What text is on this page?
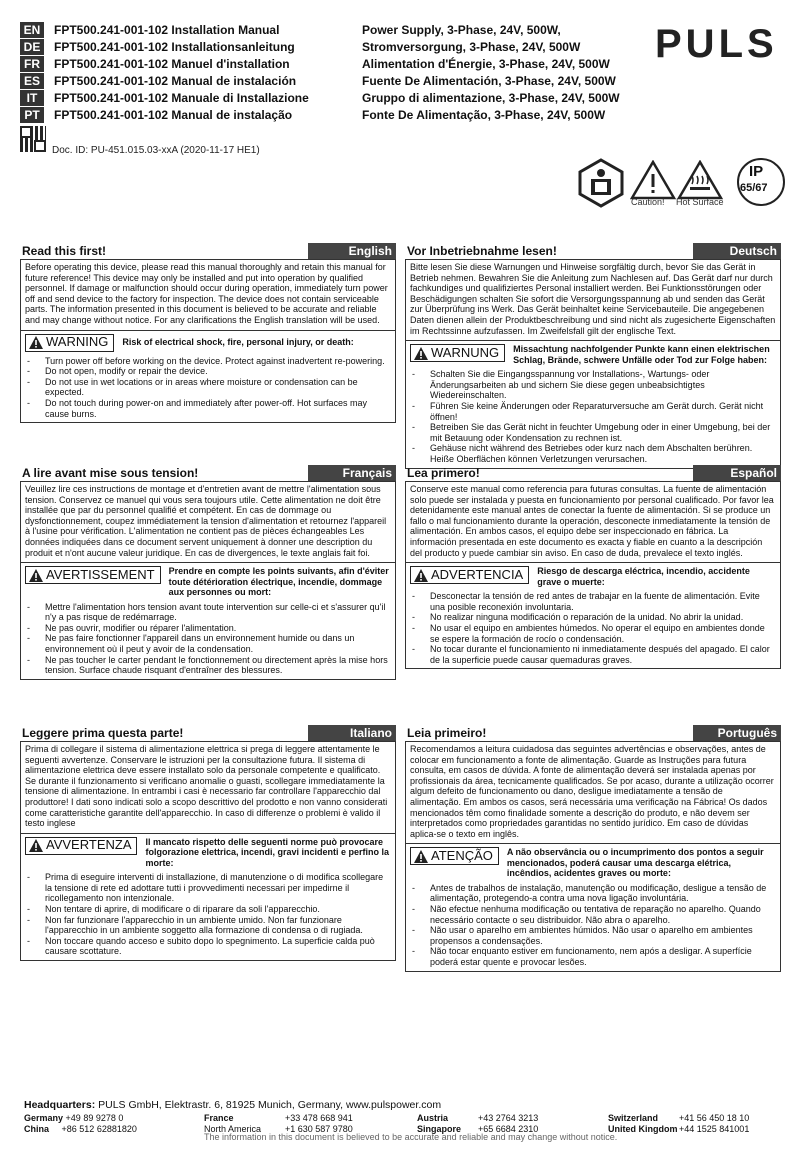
EN	FPT500.241-001-102 Installation Manual	Power Supply, 3-Phase, 24V, 500W,
DE	FPT500.241-001-102 Installationsanleitung	Stromversorgung, 3-Phase, 24V, 500W
FR	FPT500.241-001-102 Manuel d'installation	Alimentation d'Énergie, 3-Phase, 24V, 500W
ES	FPT500.241-001-102 Manual de instalación	Fuente De Alimentación, 3-Phase, 24V, 500W
IT	FPT500.241-001-102 Manuale di Installazione	Gruppo di alimentazione, 3-Phase, 24V, 500W
PT	FPT500.241-001-102 Manual de instalação	Fonte De Alimentação, 3-Phase, 24V, 500W
PULS
Doc. ID: PU-451.015.03-xxA (2020-11-17 HE1)
Caution! Hot Surface
IP
65/67
Read this first!	English
Before operating this device, please read this manual thoroughly and retain this manual for future reference! This device may only be installed and put into operation by qualified personnel. If damage or malfunction should occur during operation, immediately turn power off and send device to the factory for inspection. The device does not contain serviceable parts. The information presented in this document is believed to be accurate and reliable and may change without notice. For any clarifications the English translation will be used.
WARNING	Risk of electrical shock, fire, personal injury, or death:
- Turn power off before working on the device. Protect against inadvertent re-powering.
- Do not open, modify or repair the device.
- Do not use in wet locations or in areas where moisture or condensation can be expected.
- Do not touch during power-on and immediately after power-off. Hot surfaces may cause burns.
Vor Inbetriebnahme lesen!	Deutsch
Bitte lesen Sie diese Warnungen und Hinweise sorgfältig durch, bevor Sie das Gerät in Betrieb nehmen. Bewahren Sie die Anleitung zum Nachlesen auf. Das Gerät darf nur durch fachkundiges und qualifiziertes Personal installiert werden. Bei Funktionsstörungen oder Beschädigungen schalten Sie sofort die Versorgungsspannung ab und senden das Gerät zur Überprüfung ins Werk. Das Gerät beinhaltet keine Servicebauteile. Die angegebenen Daten dienen allein der Produktbeschreibung und sind nicht als zugesicherte Eigenschaften im Rechtssinne aufzufassen. Im Zweifelsfall gilt der englische Text.
WARNUNG	Missachtung nachfolgender Punkte kann einen elektrischen Schlag, Brände, schwere Unfälle oder Tod zur Folge haben:
- Schalten Sie die Eingangsspannung vor Installations-, Wartungs- oder Änderungsarbeiten ab und sichern Sie diese gegen unbeabsichtigtes Wiedereinschalten.
- Führen Sie keine Änderungen oder Reparaturversuche am Gerät durch. Gerät nicht öffnen!
- Betreiben Sie das Gerät nicht in feuchter Umgebung oder in einer Umgebung, bei der mit Betauung oder Kondensation zu rechnen ist.
- Gehäuse nicht während des Betriebes oder kurz nach dem Abschalten berühren. Heiße Oberflächen können Verletzungen verursachen.
A lire avant mise sous tension!	Français
Veuillez lire ces instructions de montage et d'entretien avant de mettre l'alimentation sous tension. Conservez ce manuel qui vous sera toujours utile. Cette alimentation ne doit être installée que par du personnel qualifié et compétent. En cas de dommage ou dysfonctionnement, coupez immédiatement la tension d'alimentation et retournez l'appareil à l'usine pour vérification. L'alimentation ne contient pas de pièces échangeables Les données indiquées dans ce document servent uniquement à donner une description du produit et n'ont aucune valeur juridique. En cas de divergences, le texte anglais fait foi.
AVERTISSEMENT	Prendre en compte les points suivants, afin d'éviter toute détérioration électrique, incendie, dommage aux personnes ou mort:
- Mettre l'alimentation hors tension avant toute intervention sur celle-ci et s'assurer qu'il n'y a pas risque de redémarrage.
- Ne pas ouvrir, modifier ou réparer l'alimentation.
- Ne pas faire fonctionner l'appareil dans un environnement humide ou dans un environnement où il peut y avoir de la condensation.
- Ne pas toucher le carter pendant le fonctionnement ou directement après la mise hors tension. Surface chaude risquant d'entraîner des blessures.
Lea primero!	Español
Conserve este manual como referencia para futuras consultas. La fuente de alimentación solo puede ser instalada y puesta en funcionamiento por personal cualificado. Por favor lea detenidamente este manual antes de conectar la fuente de alimentación. Si se produce un fallo o mal funcionamiento durante la operación, desconecte inmediatamente la tensión de alimentación. En ambos casos, el equipo debe ser inspeccionado en fábrica. La información presentada en este documento es exacta y fiable en cuanto a la descripción del producto y puede cambiar sin aviso. En caso de duda, prevalece el texto inglés.
ADVERTENCIA	Riesgo de descarga eléctrica, incendio, accidente grave o muerte:
- Desconectar la tensión de red antes de trabajar en la fuente de alimentación. Evite una posible reconexión involuntaria.
- No realizar ninguna modificación o reparación de la unidad. No abrir la unidad.
- No usar el equipo en ambientes húmedos. No operar el equipo en ambientes donde se espere la formación de rocío o condensación.
- No tocar durante el funcionamiento ni inmediatamente después del apagado. El calor de la superficie puede causar quemaduras graves.
Leggere prima questa parte!	Italiano
Prima di collegare il sistema di alimentazione elettrica si prega di leggere attentamente le seguenti avvertenze. Conservare le istruzioni per la consultazione futura. Il sistema di alimentazione elettrica deve essere installato solo da personale competente e qualificato. Se durante il funzionamento si verificano anomalie o guasti, scollegare immediatamente la tensione di alimentazione. In entrambi i casi è necessario far controllare l'apparecchio dal produttore! I dati sono indicati solo a scopo descrittivo del prodotto e non vanno considerati come caratteristiche garantite dell'apparecchio. In caso di differenze o problemi è valido il testo inglese
AVVERTENZA	Il mancato rispetto delle seguenti norme può provocare folgorazione elettrica, incendi, gravi incidenti e perfino la morte:
- Prima di eseguire interventi di installazione, di manutenzione o di modifica scollegare la tensione di rete ed adottare tutti i provvedimenti necessari per impedirne il ricollegamento non intenzionale.
- Non tentare di aprire, di modificare o di riparare da soli l'apparecchio.
- Non far funzionare l'apparecchio in un ambiente umido. Non far funzionare l'apparecchio in un ambiente soggetto alla formazione di condensa o di rugiada.
- Non toccare quando acceso e subito dopo lo spegnimento. La superficie calda può causare scottature.
Leia primeiro!	Português
Recomendamos a leitura cuidadosa das seguintes advertências e observações, antes de colocar em funcionamento a fonte de alimentação. Guarde as Instruções para futura consulta, em casos de dúvida. A fonte de alimentação deverá ser instalada apenas por profissionais da área, tecnicamente qualificados. Se por acaso, durante a utilização ocorrer algum defeito de funcionamento ou dano, desligue imediatamente a tensão de alimentação. Em ambos os casos, será necessária uma verificação na Fábrica! Os dados mencionados têm como finalidade somente a descrição do produto, e não devem ser interpretados como propriedades garantidas no sentido jurídico. Em caso de dúvidas aplica-se o texto em inglês.
ATENÇÃO	A não observância ou o incumprimento dos pontos a seguir mencionados, poderá causar uma descarga elétrica, incêndios, acidentes graves ou morte:
- Antes de trabalhos de instalação, manutenção ou modificação, desligue a tensão de alimentação, protegendo-a contra uma nova ligação involuntária.
- Não efectue nenhuma modificação ou tentativa de reparação no aparelho. Quando necessário contacte o seu distribuidor. Não abra o aparelho.
- Não usar o aparelho em ambientes húmidos. Não usar o aparelho em ambientes propensos a condensações.
- Não tocar enquanto estiver em funcionamento, nem após a desligar. A superfície poderá estar quente e provocar lesões.
Headquarters: PULS GmbH, Elektrastr. 6, 81925 Munich, Germany, www.pulspower.com
Germany +49 89 9278 0
China +86 512 62881820
France	+33 478 668 941
North America	+1 630 587 9780
Austria	+43 2764 3213
Singapore +65 6684 2310
Switzerland +41 56 450 18 10
United Kingdom +44 1525 841001
The information in this document is believed to be accurate and reliable and may change without notice.
